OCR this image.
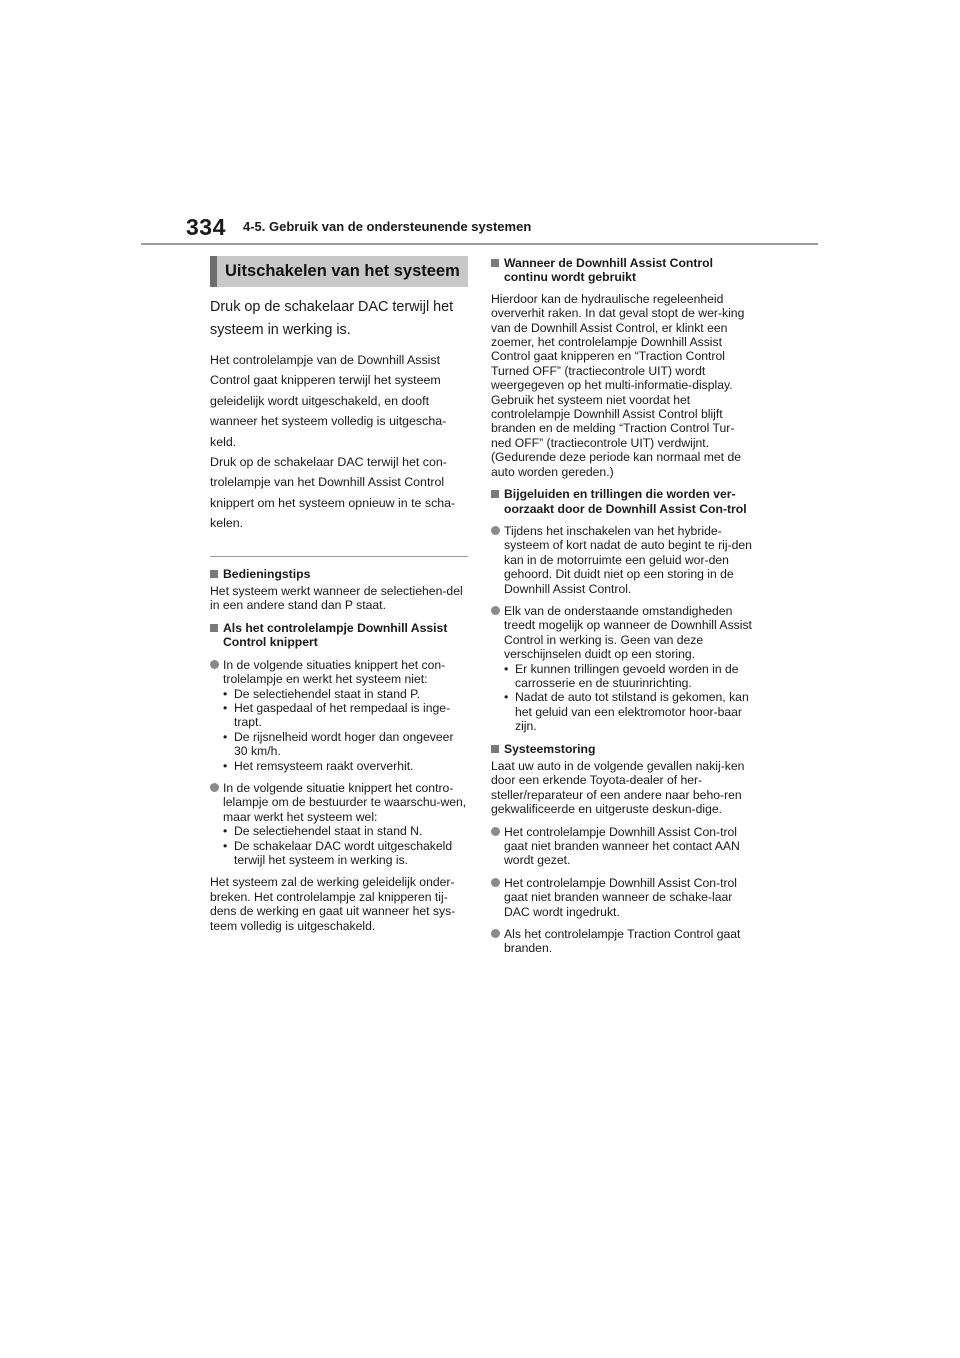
334 4-5. Gebruik van de ondersteunende systemen
Uitschakelen van het systeem
Druk op de schakelaar DAC terwijl het systeem in werking is.

Het controlelampje van de Downhill Assist Control gaat knipperen terwijl het systeem geleidelijk wordt uitgeschakeld, en dooft wanneer het systeem volledig is uitgescha-keld.

Druk op de schakelaar DAC terwijl het con-trolelampje van het Downhill Assist Control knippert om het systeem opnieuw in te scha-kelen.

Bedieningstips

Het systeem werkt wanneer de selectiehen-del in een andere stand dan P staat.

Als het controlelampje Downhill Assist Control knippert

In de volgende situaties knippert het con-trolelampje en werkt het systeem niet:

• De selectiehendel staat in stand P.
• Het gaspedaal of het rempedaal is inge-trapt.
• De rijsnelheid wordt hoger dan ongeveer 30 km/h.
• Het remsysteem raakt oververhit.

In de volgende situatie knippert het contro-lelampje om de bestuurder te waarschu-wen, maar werkt het systeem wel:

• De selectiehendel staat in stand N.
• De schakelaar DAC wordt uitgeschakeld terwijl het systeem in werking is.

Het systeem zal de werking geleidelijk onder-breken. Het controlelampje zal knipperen tij-dens de werking en gaat uit wanneer het sys-teem volledig is uitgeschakeld.

Wanneer de Downhill Assist Control continu wordt gebruikt

Hierdoor kan de hydraulische regeleenheid oververhit raken. In dat geval stopt de wer-king van de Downhill Assist Control, er klinkt een zoemer, het controlelampje Downhill Assist Control gaat knipperen en “Traction Control Turned OFF” (tractiecontrole UIT) wordt weergegeven op het multi-informatie-display. Gebruik het systeem niet voordat het controlelampje Downhill Assist Control blijft branden en de melding “Traction Control Tur-ned OFF” (tractiecontrole UIT) verdwijnt. (Gedurende deze periode kan normaal met de auto worden gereden.)

Bijgeluiden en trillingen die worden ver-oorzaakt door de Downhill Assist Con-trol

Tijdens het inschakelen van het hybride-systeem of kort nadat de auto begint te rij-den kan in de motorruimte een geluid wor-den gehoord. Dit duidt niet op een storing in de Downhill Assist Control.

Elk van de onderstaande omstandigheden treedt mogelijk op wanneer de Downhill Assist Control in werking is. Geen van deze verschijnselen duidt op een storing.

• Er kunnen trillingen gevoeld worden in de carrosserie en de stuurinrichting.
• Nadat de auto tot stilstand is gekomen, kan het geluid van een elektromotor hoor-baar zijn.
Systeemstoring

Laat uw auto in de volgende gevallen nakij-ken door een erkende Toyota-dealer of her-steller/reparateur of een andere naar beho-ren gekwalificeerde en uitgeruste deskun-dige.

Het controlelampje Downhill Assist Con-trol gaat niet branden wanneer het contact AAN wordt gezet.

Het controlelampje Downhill Assist Con-trol gaat niet branden wanneer de schake-laar DAC wordt ingedrukt.

Als het controlelampje Traction Control gaat branden.
